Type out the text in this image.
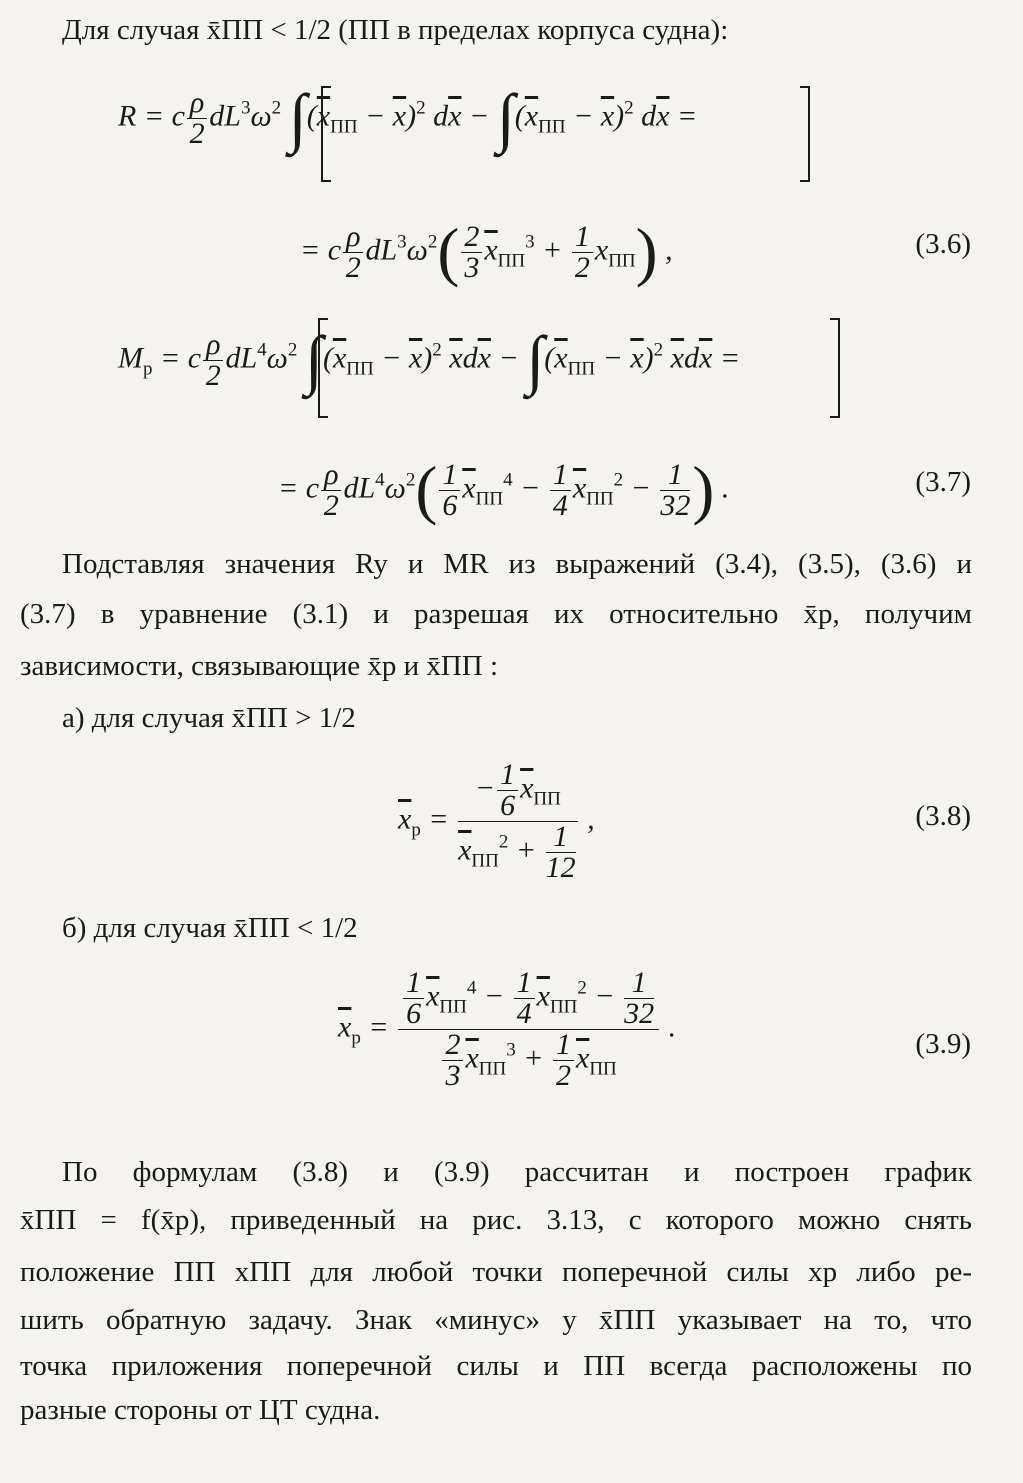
Для случая x̄ПП < 1/2 (ПП в пределах корпуса судна):
R = c $\frac{\rho}{2} dL^3\omega^2$ $\int(\overline{x}_{ПП} - \overline{x})^2$ $d\overline{x} - \int(\overline{x}_{ПП} - \overline{x})^2$ $d\overline{x}$ =
= c $\frac{\rho}{2} dL^3\omega^2( \frac{2}{3} \overline{x}_{ПП}^3 + \frac{1}{2} x_{ПП})$ ,	(3.6)
$M_p = c \frac{\rho}{2} dL^4\omega^2$ $\int(\overline{x}_{ПП} - \overline{x})^2$ $\overline{x}d\overline{x} - \int(\overline{x}_{ПП} - \overline{x})^2$ $\overline{x}d\overline{x}$ =
= c $\frac{\rho}{2} dL^4\omega^2( \frac{1}{6} \overline{x}_{ПП}^4 - \frac{1}{4} \overline{x}_{ПП}^2 - \frac{1}{32}$ ) .	(3.7)
Подставляя значения Ry и MR из выражений (3.4), (3.5), (3.6) и
(3.7) в уравнение (3.1) и разрешая их относительно x̄р, получим
зависимости, связывающие x̄р и x̄ПП :
а) для случая x̄ПП > 1/2
$\overline{x}_р = \frac{- \frac{1}{6} \overline{x}_{ПП}}{\overline{x}_{ПП}^2 + \frac{1}{12}}$ ,	(3.8)
б) для случая x̄ПП < 1/2
$\overline{x}_р = \frac{\frac{1}{6} \overline{x}_{ПП}^4 - \frac{1}{4} \overline{x}_{ПП}^2 - \frac{1}{32}}{\frac{2}{3} \overline{x}_{ПП}^3 + \frac{1}{2} \overline{x}_{ПП}}$ .
(3.9)
По формулам (3.8) и (3.9) рассчитан и построен график
x̄ПП = f(x̄р), приведенный на рис. 3.13, с которого можно снять
положение ПП xПП для любой точки поперечной силы xр либо ре-
шить обратную задачу. Знак «минус» у x̄ПП указывает на то, что
точка приложения поперечной силы и ПП всегда расположены по
разные стороны от ЦТ судна.
